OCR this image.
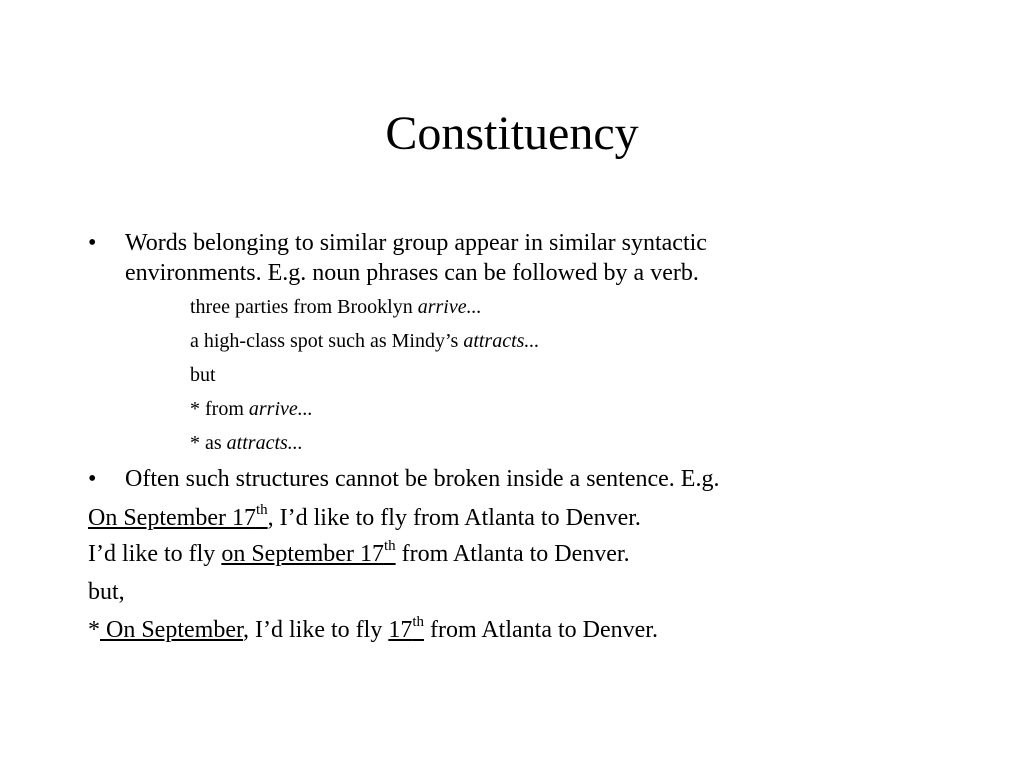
Constituency
• Words belonging to similar group appear in similar syntactic
environments. E.g. noun phrases can be followed by a verb.
three parties from Brooklyn arrive...
a high-class spot such as Mindy’s attracts...
but
* from arrive...
* as attracts...
• Often such structures cannot be broken inside a sentence. E.g.
On September 17th, I’d like to fly from Atlanta to Denver.
I’d like to fly on September 17th from Atlanta to Denver.
but,
* On September, I’d like to fly 17th from Atlanta to Denver.
